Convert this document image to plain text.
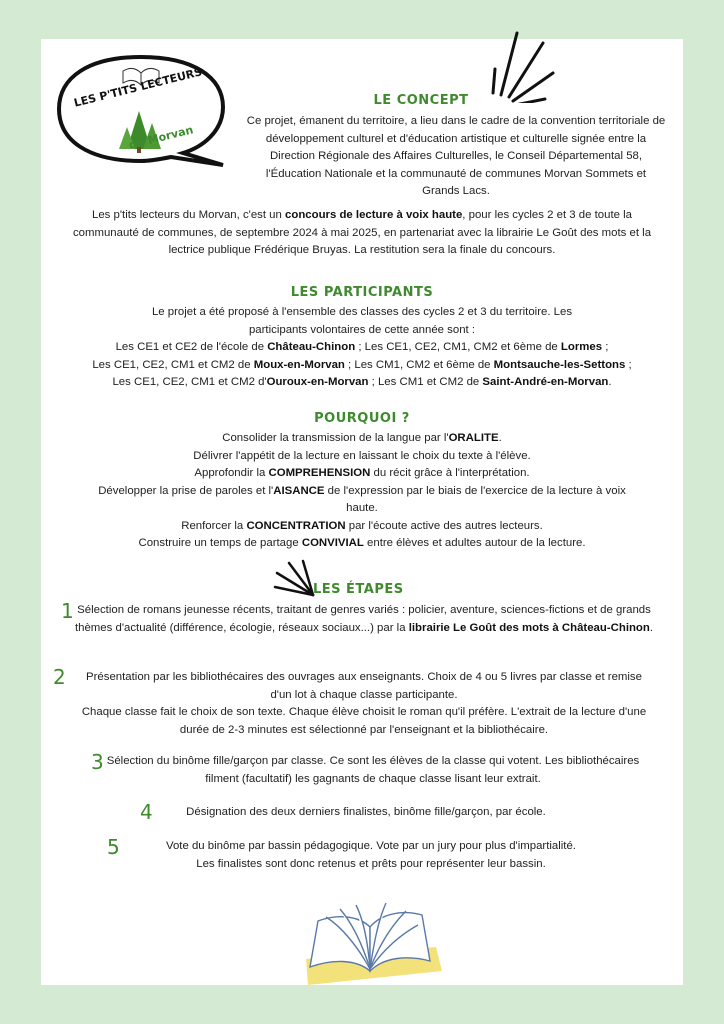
LES P'TITS LECTEURS
du Morvan
LE CONCEPT
Ce projet, émanent du territoire, a lieu dans le cadre de la convention territoriale de développement culturel et d'éducation artistique et culturelle signée entre la Direction Régionale des Affaires Culturelles, le Conseil Départemental 58, l'Éducation Nationale et la communauté de communes Morvan Sommets et Grands Lacs.
Les p'tits lecteurs du Morvan, c'est un concours de lecture à voix haute, pour les cycles 2 et 3 de toute la communauté de communes, de septembre 2024 à mai 2025, en partenariat avec la librairie Le Goût des mots et la lectrice publique Frédérique Bruyas. La restitution sera la finale du concours.
LES PARTICIPANTS
Le projet a été proposé à l'ensemble des classes des cycles 2 et 3 du territoire. Les participants volontaires de cette année sont :
Les CE1 et CE2 de l'école de Château-Chinon ; Les CE1, CE2, CM1, CM2 et 6ème de Lormes ;
Les CE1, CE2, CM1 et CM2 de Moux-en-Morvan ; Les CM1, CM2 et 6ème de Montsauche-les-Settons ;
Les CE1, CE2, CM1 et CM2 d'Ouroux-en-Morvan ; Les CM1 et CM2 de Saint-André-en-Morvan.
POURQUOI ?
Consolider la transmission de la langue par l'ORALITE.
Délivrer l'appétit de la lecture en laissant le choix du texte à l'élève.
Approfondir la COMPREHENSION du récit grâce à l'interprétation.
Développer la prise de paroles et l'AISANCE de l'expression par le biais de l'exercice de la lecture à voix haute.
Renforcer la CONCENTRATION par l'écoute active des autres lecteurs.
Construire un temps de partage CONVIVIAL entre élèves et adultes autour de la lecture.
LES ÉTAPES
1 Sélection de romans jeunesse récents, traitant de genres variés : policier, aventure, sciences-fictions et de grands thèmes d'actualité (différence, écologie, réseaux sociaux...) par la librairie Le Goût des mots à Château-Chinon.
2	Présentation par les bibliothécaires des ouvrages aux enseignants. Choix de 4 ou 5 livres par classe et remise d'un lot à chaque classe participante.
Chaque classe fait le choix de son texte. Chaque élève choisit le roman qu'il préfère. L'extrait de la lecture d'une durée de 2-3 minutes est sélectionné par l'enseignant et la bibliothécaire.
3 Sélection du binôme fille/garçon par classe. Ce sont les élèves de la classe qui votent. Les bibliothécaires filment (facultatif) les gagnants de chaque classe lisant leur extrait.
4	Désignation des deux derniers finalistes, binôme fille/garçon, par école.
5	Vote du binôme par bassin pédagogique. Vote par un jury pour plus d'impartialité.
Les finalistes sont donc retenus et prêts pour représenter leur bassin.
